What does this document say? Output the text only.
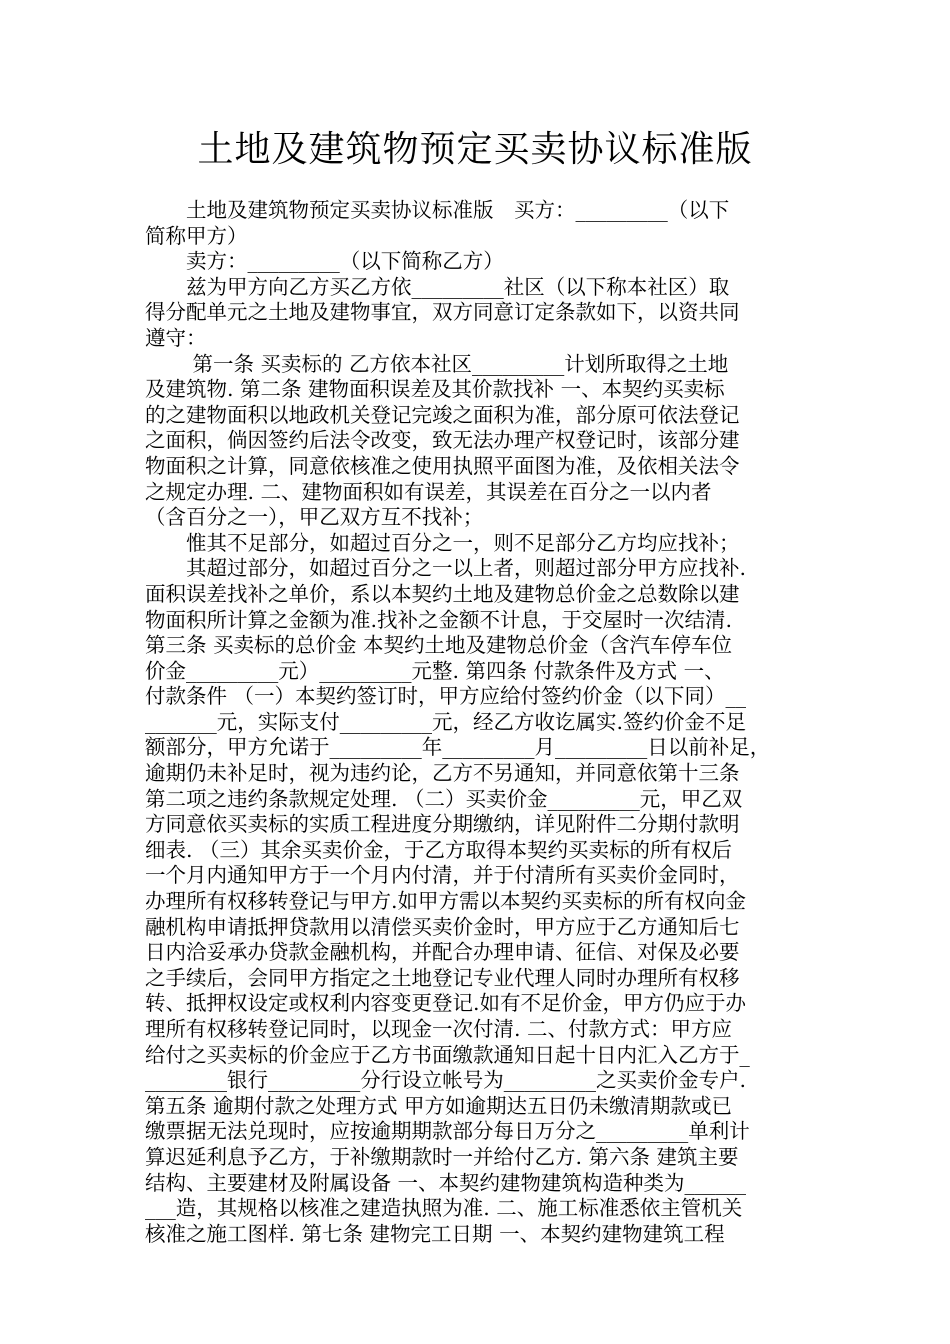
土地及建筑物预定买卖协议标准版
　　土地及建筑物预定买卖协议标准版　买方：_________（以下
简称甲方）
　　卖方：_________（以下简称乙方）
　　兹为甲方向乙方买乙方依_________社区（以下称本社区）取
得分配单元之土地及建物事宜，双方同意订定条款如下，以资共同
遵守：
　　 第一条 买卖标的 乙方依本社区_________计划所取得之土地
及建筑物. 第二条 建物面积误差及其价款找补 一、本契约买卖标
的之建物面积以地政机关登记完竣之面积为准，部分原可依法登记
之面积，倘因签约后法令改变，致无法办理产权登记时，该部分建
物面积之计算，同意依核准之使用执照平面图为准，及依相关法令
之规定办理. 二、建物面积如有误差，其误差在百分之一以内者
（含百分之一），甲乙双方互不找补；
　　惟其不足部分，如超过百分之一，则不足部分乙方均应找补；
　　其超过部分，如超过百分之一以上者，则超过部分甲方应找补.
面积误差找补之单价，系以本契约土地及建物总价金之总数除以建
物面积所计算之金额为准.找补之金额不计息，于交屋时一次结清.
第三条 买卖标的总价金 本契约土地及建物总价金（含汽车停车位
价金_________元）_________元整. 第四条 付款条件及方式 一、
付款条件 （一）本契约签订时，甲方应给付签约价金（以下同）__
_______元，实际支付_________元，经乙方收讫属实.签约价金不足
额部分，甲方允诺于_________年_________月_________日以前补足，
逾期仍未补足时，视为违约论，乙方不另通知，并同意依第十三条
第二项之违约条款规定处理. （二）买卖价金_________元，甲乙双
方同意依买卖标的实质工程进度分期缴纳，详见附件二分期付款明
细表. （三）其余买卖价金，于乙方取得本契约买卖标的所有权后
一个月内通知甲方于一个月内付清，并于付清所有买卖价金同时，
办理所有权移转登记与甲方.如甲方需以本契约买卖标的所有权向金
融机构申请抵押贷款用以清偿买卖价金时，甲方应于乙方通知后七
日内洽妥承办贷款金融机构，并配合办理申请、征信、对保及必要
之手续后，会同甲方指定之土地登记专业代理人同时办理所有权移
转、抵押权设定或权利内容变更登记.如有不足价金，甲方仍应于办
理所有权移转登记同时，以现金一次付清. 二、付款方式：甲方应
给付之买卖标的价金应于乙方书面缴款通知日起十日内汇入乙方于_
________银行_________分行设立帐号为_________之买卖价金专户.
第五条 逾期付款之处理方式 甲方如逾期达五日仍未缴清期款或已
缴票据无法兑现时，应按逾期期款部分每日万分之_________单利计
算迟延利息予乙方，于补缴期款时一并给付乙方. 第六条 建筑主要
结构、主要建材及附属设备 一、本契约建物建筑构造种类为______
___造，其规格以核准之建造执照为准. 二、施工标准悉依主管机关
核准之施工图样. 第七条 建物完工日期 一、本契约建物建筑工程
